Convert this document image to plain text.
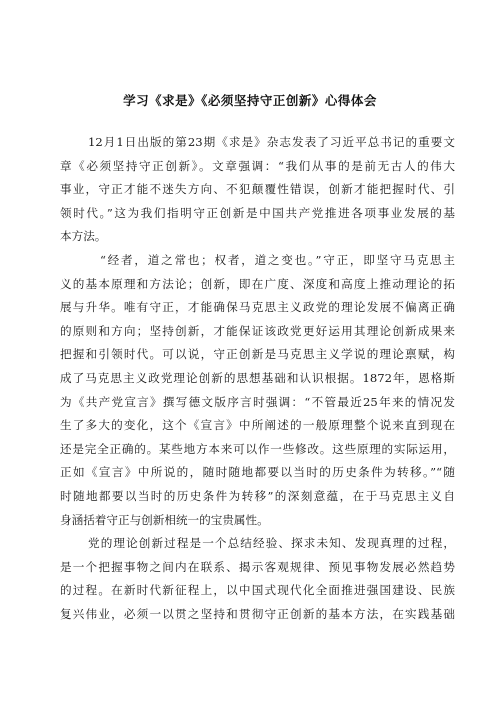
学习《求是》《必须坚持守正创新》心得体会
12月1日出版的第23期《求是》杂志发表了习近平总书记的重要文
章《必须坚持守正创新》。文章强调：“我们从事的是前无古人的伟大
事业，守正才能不迷失方向、不犯颠覆性错误，创新才能把握时代、引
领时代。”这为我们指明守正创新是中国共产党推进各项事业发展的基
本方法。
“经者，道之常也；权者，道之变也。”守正，即坚守马克思主
义的基本原理和方法论；创新，即在广度、深度和高度上推动理论的拓
展与升华。唯有守正，才能确保马克思主义政党的理论发展不偏离正确
的原则和方向；坚持创新，才能保证该政党更好运用其理论创新成果来
把握和引领时代。可以说，守正创新是马克思主义学说的理论禀赋，构
成了马克思主义政党理论创新的思想基础和认识根据。1872年，恩格斯
为《共产党宣言》撰写德文版序言时强调：“不管最近25年来的情况发
生了多大的变化，这个《宣言》中所阐述的一般原理整个说来直到现在
还是完全正确的。某些地方本来可以作一些修改。这些原理的实际运用，
正如《宣言》中所说的，随时随地都要以当时的历史条件为转移。”“随
时随地都要以当时的历史条件为转移”的深刻意蕴，在于马克思主义自
身涵括着守正与创新相统一的宝贵属性。
党的理论创新过程是一个总结经验、探求未知、发现真理的过程，
是一个把握事物之间内在联系、揭示客观规律、预见事物发展必然趋势
的过程。在新时代新征程上，以中国式现代化全面推进强国建设、民族
复兴伟业，必须一以贯之坚持和贯彻守正创新的基本方法，在实践基础
